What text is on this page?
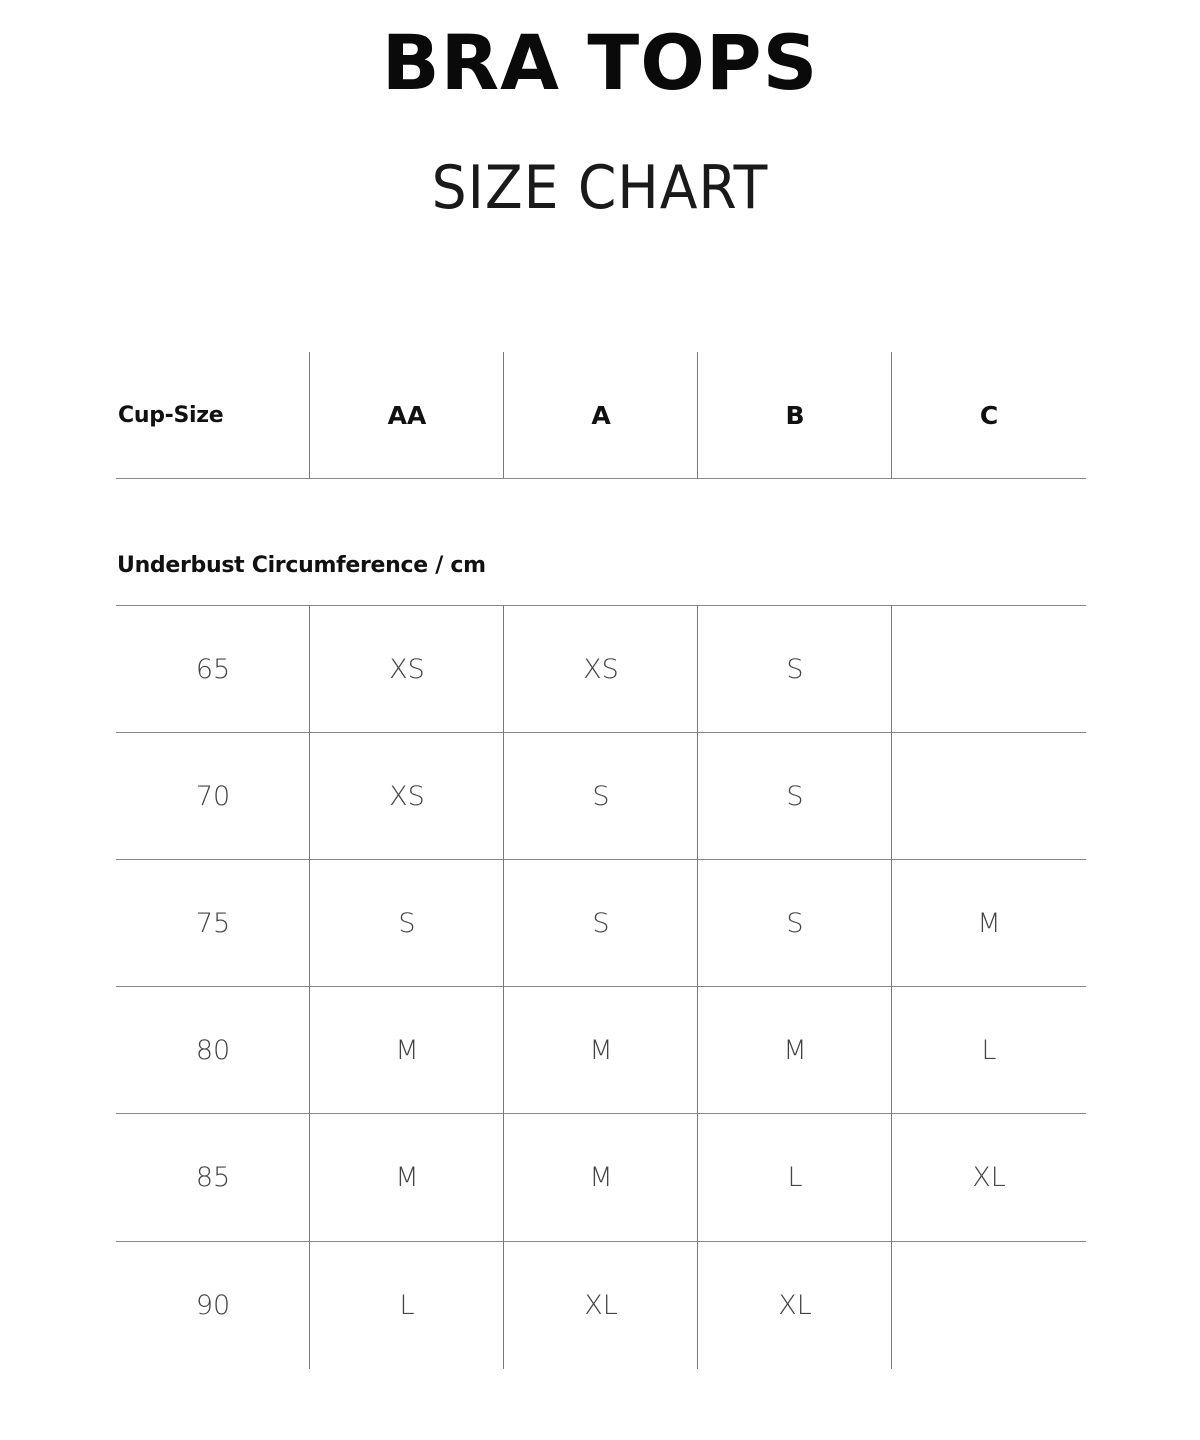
BRA TOPS
SIZE CHART
Cup-Size	AA	A	B	C
Underbust Circumference / cm
65	XS	XS	S
70	XS	S	S
75	S	S	S	M
80	M	M	M	L
85	M	M	L	XL
90	L	XL	XL
